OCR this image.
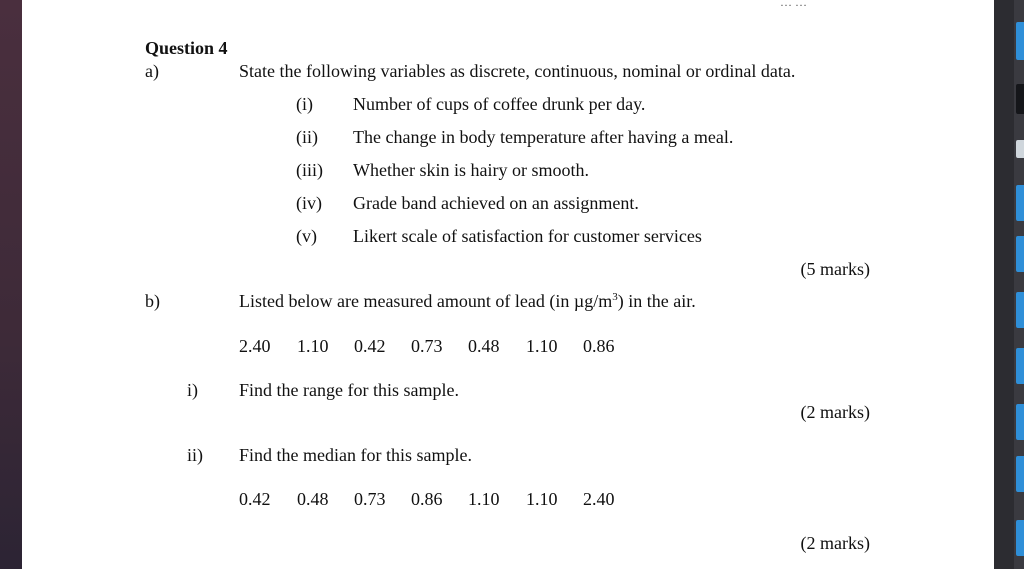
… …
Question 4
a)	State the following variables as discrete, continuous, nominal or ordinal data.
(i) Number of cups of coffee drunk per day.
(ii) The change in body temperature after having a meal.
(iii) Whether skin is hairy or smooth.
(iv) Grade band achieved on an assignment.
(v) Likert scale of satisfaction for customer services
(5 marks)
b)	Listed below are measured amount of lead (in $\mu g/m^3$) in the air.
2.40 1.10 0.42 0.73 0.48 1.10 0.86
i) Find the range for this sample.
(2 marks)
ii) Find the median for this sample.
0.42 0.48 0.73 0.86 1.10 1.10 2.40
(2 marks)
